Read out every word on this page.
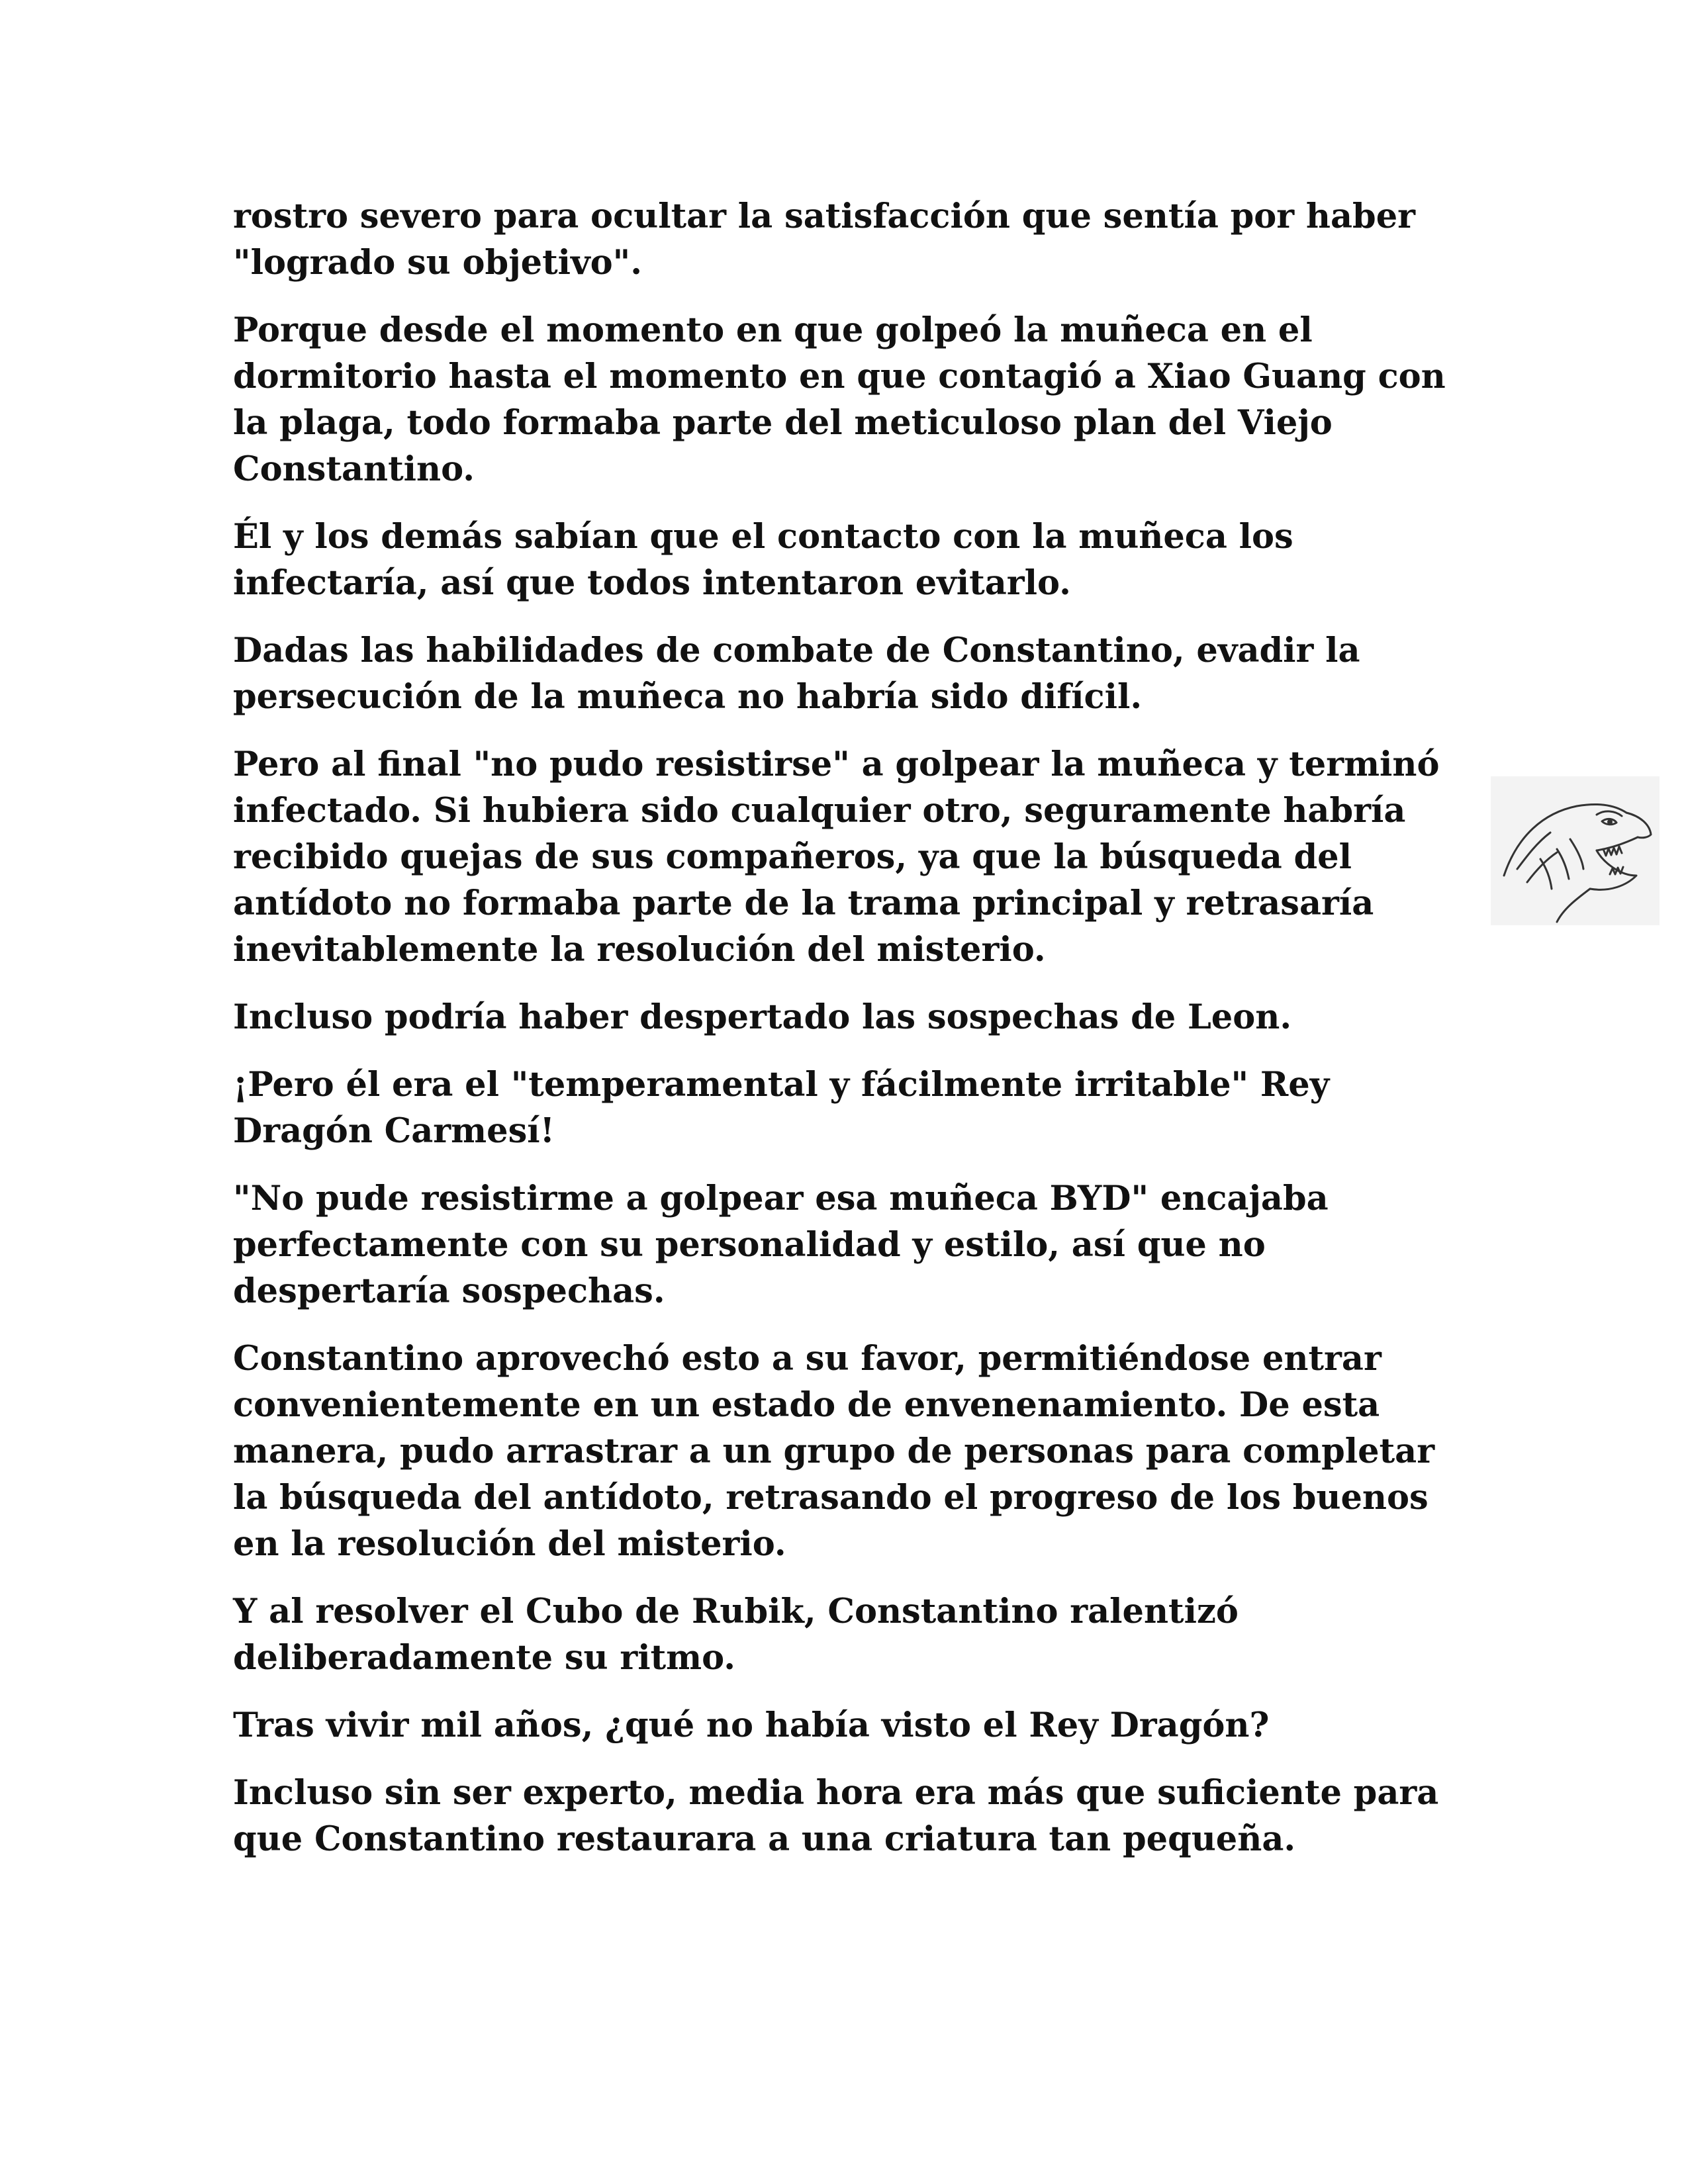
rostro severo para ocultar la satisfacción que sentía por haber "logrado su objetivo".

Porque desde el momento en que golpeó la muñeca en el dormitorio hasta el momento en que contagió a Xiao Guang con la plaga, todo formaba parte del meticuloso plan del Viejo Constantino.

Él y los demás sabían que el contacto con la muñeca los infectaría, así que todos intentaron evitarlo.

Dadas las habilidades de combate de Constantino, evadir la persecución de la muñeca no habría sido difícil.

Pero al final "no pudo resistirse" a golpear la muñeca y terminó infectado. Si hubiera sido cualquier otro, seguramente habría recibido quejas de sus compañeros, ya que la búsqueda del antídoto no formaba parte de la trama principal y retrasaría inevitablemente la resolución del misterio.

Incluso podría haber despertado las sospechas de Leon.

¡Pero él era el "temperamental y fácilmente irritable" Rey Dragón Carmesí!

"No pude resistirme a golpear esa muñeca BYD" encajaba perfectamente con su personalidad y estilo, así que no despertaría sospechas.

Constantino aprovechó esto a su favor, permitiéndose entrar convenientemente en un estado de envenenamiento. De esta manera, pudo arrastrar a un grupo de personas para completar la búsqueda del antídoto, retrasando el progreso de los buenos en la resolución del misterio.

Y al resolver el Cubo de Rubik, Constantino ralentizó deliberadamente su ritmo.

Tras vivir mil años, ¿qué no había visto el Rey Dragón?

Incluso sin ser experto, media hora era más que suficiente para que Constantino restaurara a una criatura tan pequeña.
